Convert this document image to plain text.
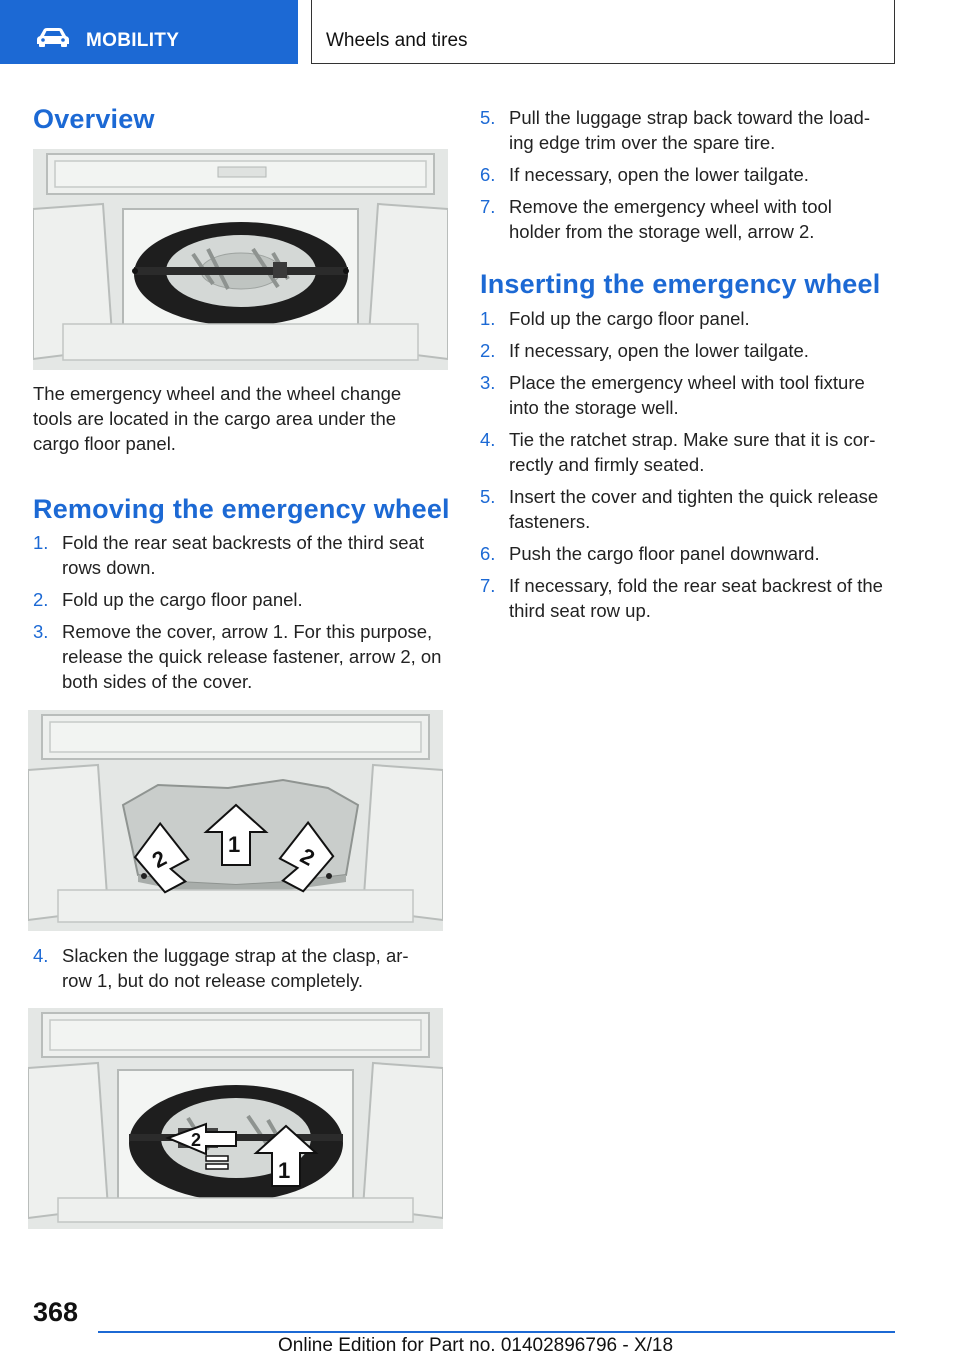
MOBILITY	Wheels and tires
Overview

The emergency wheel and the wheel change tools are located in the cargo area under the cargo floor panel.

Removing the emergency wheel
1. Fold the rear seat backrests of the third seat rows down.
2. Fold up the cargo floor panel.
3. Remove the cover, arrow 1. For this purpose, release the quick release fastener, arrow 2, on both sides of the cover.
2
1	2
4. Slacken the luggage strap at the clasp, ar-row 1, but do not release completely.
2
1
5. Pull the luggage strap back toward the load-ing edge trim over the spare tire.
6. If necessary, open the lower tailgate.
7. Remove the emergency wheel with tool holder from the storage well, arrow 2.
Inserting the emergency wheel
1. Fold up the cargo floor panel.
2. If necessary, open the lower tailgate.
3. Place the emergency wheel with tool fixture into the storage well.
4. Tie the ratchet strap. Make sure that it is cor-rectly and firmly seated.
5. Insert the cover and tighten the quick release fasteners.
6. Push the cargo floor panel downward.
7. If necessary, fold the rear seat backrest of the third seat row up.
368
Online Edition for Part no. 01402896796 - X/18
